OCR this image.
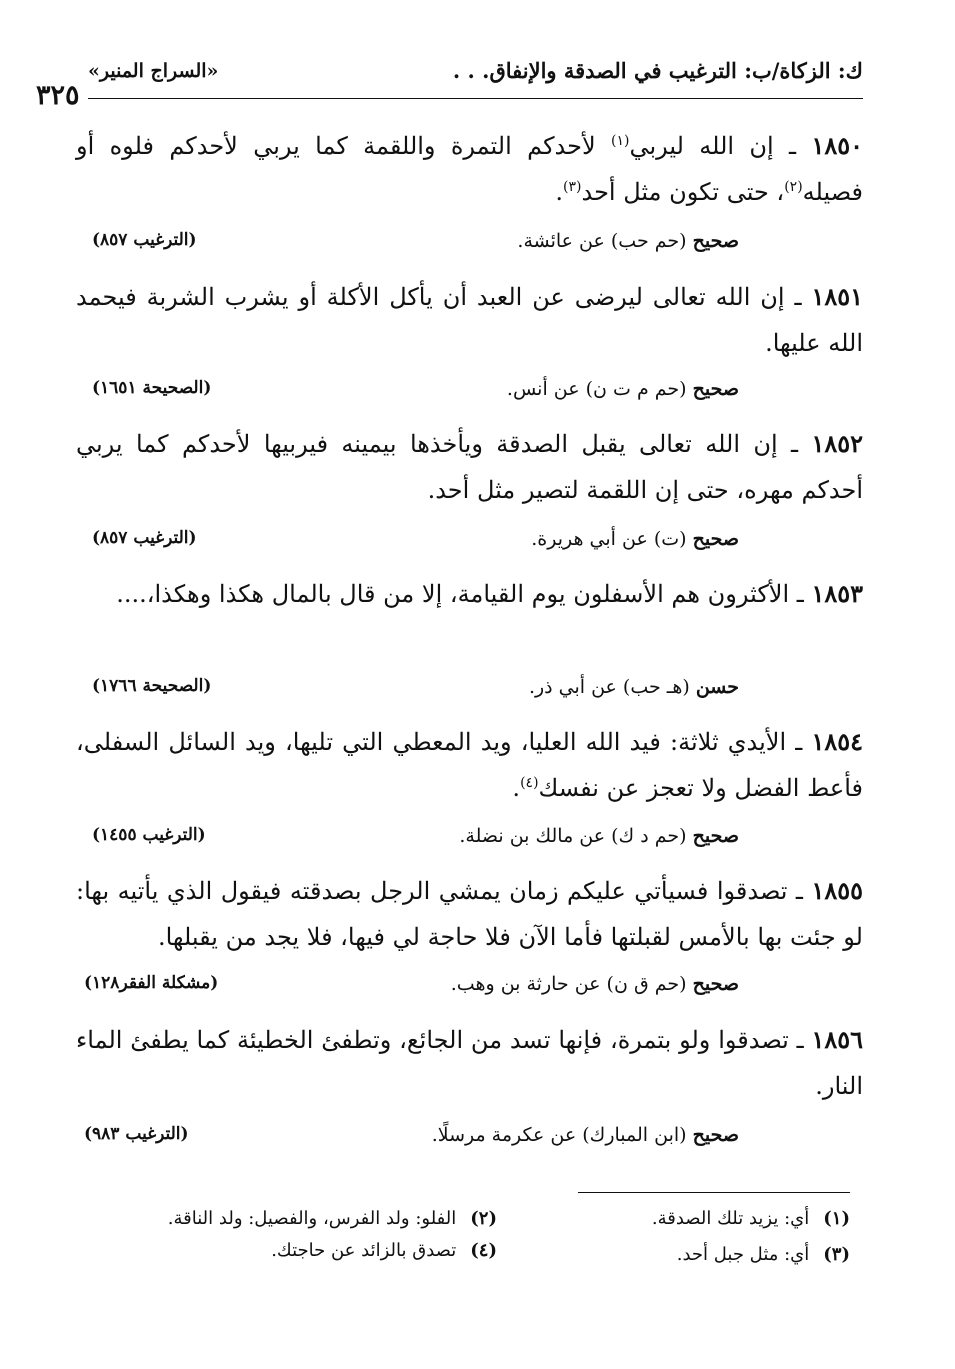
ك: الزكاة/ب: الترغيب في الصدقة والإنفاق. . .
«السراج المنير»
٣٢٥
١٨٥٠ ـ إن الله ليربي$^{(١)}$ لأحدكم التمرة واللقمة كما يربي لأحدكم فلوه أو فصيله$^{(٢)}$، حتى تكون مثل أحد$^{(٣)}$.
صحيح (حم حب) عن عائشة.
(الترغيب ٨٥٧)
١٨٥١ ـ إن الله تعالى ليرضى عن العبد أن يأكل الأكلة أو يشرب الشربة فيحمد الله عليها.
صحيح (حم م ت ن) عن أنس.
(الصحيحة ١٦٥١)
١٨٥٢ ـ إن الله تعالى يقبل الصدقة ويأخذها بيمينه فيربيها لأحدكم كما يربي أحدكم مهره، حتى إن اللقمة لتصير مثل أحد.
صحيح (ت) عن أبي هريرة.
(الترغيب ٨٥٧)
١٨٥٣ ـ الأكثرون هم الأسفلون يوم القيامة، إلا من قال بالمال هكذا وهكذا،....
حسن (هـ حب) عن أبي ذر.
(الصحيحة ١٧٦٦)
١٨٥٤ ـ الأيدي ثلاثة: فيد الله العليا، ويد المعطي التي تليها، ويد السائل السفلى، فأعط الفضل ولا تعجز عن نفسك$^{(٤)}$.
صحيح (حم د ك) عن مالك بن نضلة.
(الترغيب ١٤٥٥)
١٨٥٥ ـ تصدقوا فسيأتي عليكم زمان يمشي الرجل بصدقته فيقول الذي يأتيه بها: لو جئت بها بالأمس لقبلتها فأما الآن فلا حاجة لي فيها، فلا يجد من يقبلها.
صحيح (حم ق ن) عن حارثة بن وهب.
(مشكلة الفقر١٢٨)
١٨٥٦ ـ تصدقوا ولو بتمرة، فإنها تسد من الجائع، وتطفئ الخطيئة كما يطفئ الماء النار.
صحيح (ابن المبارك) عن عكرمة مرسلًا.
(الترغيب ٩٨٣)
(١)أي: يزيد تلك الصدقة.
(٢)الفلو: ولد الفرس، والفصيل: ولد الناقة.
(٣)أي: مثل جبل أحد.
(٤)تصدق بالزائد عن حاجتك.
